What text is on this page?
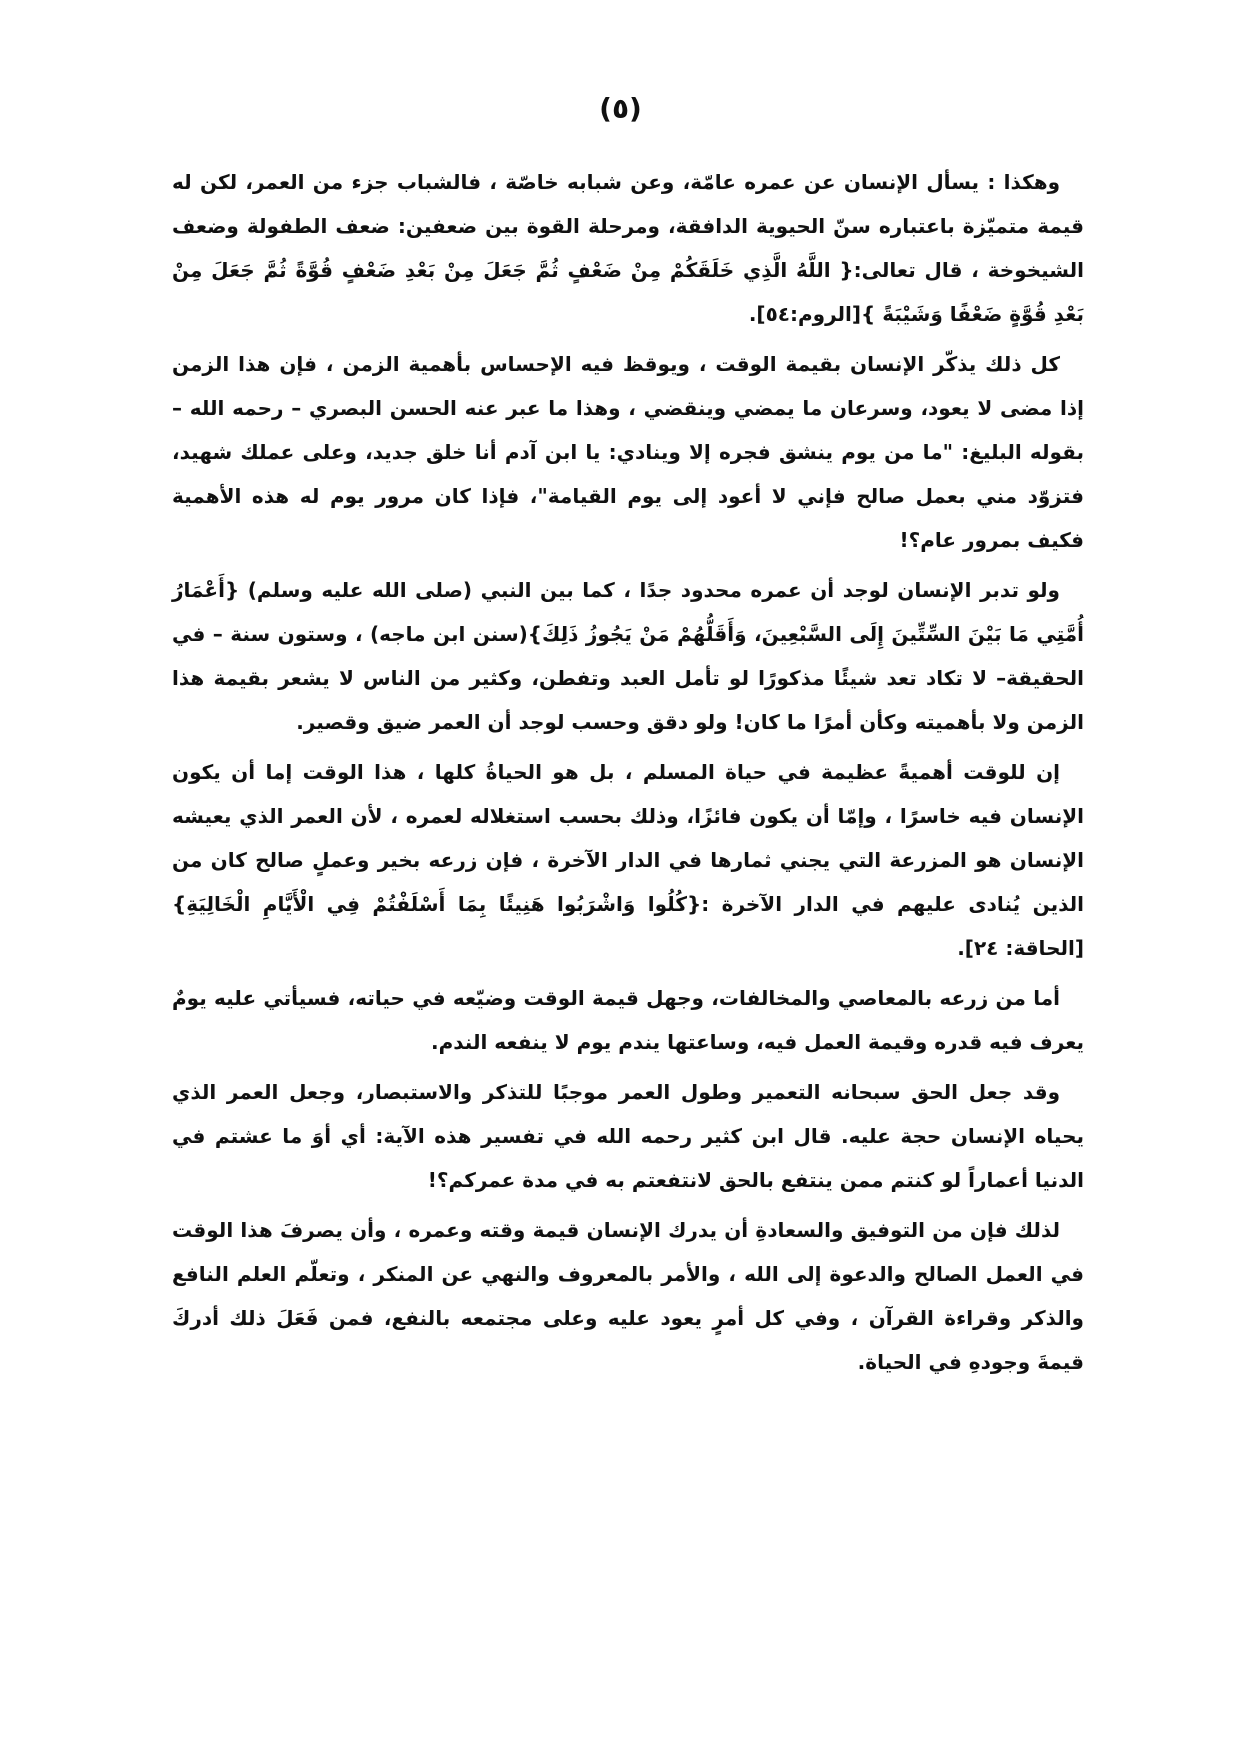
(٥)

وهكذا : يسأل الإنسان عن عمره عامّة، وعن شبابه خاصّة ، فالشباب جزء من العمر، لكن له قيمة متميّزة باعتباره سنّ الحيوية الدافقة، ومرحلة القوة بين ضعفين: ضعف الطفولة وضعف الشيخوخة ، قال تعالى:{ اللَّهُ الَّذِي خَلَقَكُمْ مِنْ ضَعْفٍ ثُمَّ جَعَلَ مِنْ بَعْدِ ضَعْفٍ قُوَّةً ثُمَّ جَعَلَ مِنْ بَعْدِ قُوَّةٍ ضَعْفًا وَشَيْبَةً }[الروم:٥٤].

كل ذلك يذكّر الإنسان بقيمة الوقت ، ويوقظ فيه الإحساس بأهمية الزمن ، فإن هذا الزمن إذا مضى لا يعود، وسرعان ما يمضي وينقضي ، وهذا ما عبر عنه الحسن البصري – رحمه الله – بقوله البليغ: "ما من يوم ينشق فجره إلا وينادي: يا ابن آدم أنا خلق جديد، وعلى عملك شهيد، فتزوّد مني بعمل صالح فإني لا أعود إلى يوم القيامة"، فإذا كان مرور يوم له هذه الأهمية فكيف بمرور عام؟!

ولو تدبر الإنسان لوجد أن عمره محدود جدًا ، كما بين النبي (صلى الله عليه وسلم) {أَعْمَارُ أُمَّتِي مَا بَيْنَ السِّتِّينَ إِلَى السَّبْعِينَ، وَأَقَلُّهُمْ مَنْ يَجُوزُ ذَلِكَ}(سنن ابن ماجه) ، وستون سنة – في الحقيقة– لا تكاد تعد شيئًا مذكورًا لو تأمل العبد وتفطن، وكثير من الناس لا يشعر بقيمة هذا الزمن ولا بأهميته وكأن أمرًا ما كان! ولو دقق وحسب لوجد أن العمر ضيق وقصير.

إن للوقت أهميةً عظيمة في حياة المسلم ، بل هو الحياةُ كلها ، هذا الوقت إما أن يكون الإنسان فيه خاسرًا ، وإمّا أن يكون فائزًا، وذلك بحسب استغلاله لعمره ، لأن العمر الذي يعيشه الإنسان هو المزرعة التي يجني ثمارها في الدار الآخرة ، فإن زرعه بخير وعملٍ صالح كان من الذين يُنادى عليهم في الدار الآخرة :{كُلُوا وَاشْرَبُوا هَنِيئًا بِمَا أَسْلَفْتُمْ فِي الْأَيَّامِ الْخَالِيَةِ} [الحاقة: ٢٤].

أما من زرعه بالمعاصي والمخالفات، وجهل قيمة الوقت وضيّعه في حياته، فسيأتي عليه يومٌ يعرف فيه قدره وقيمة العمل فيه، وساعتها يندم يوم لا ينفعه الندم.

وقد جعل الحق سبحانه التعمير وطول العمر موجبًا للتذكر والاستبصار، وجعل العمر الذي يحياه الإنسان حجة عليه. قال ابن كثير رحمه الله في تفسير هذه الآية: أي أوَ ما عشتم في الدنيا أعماراً لو كنتم ممن ينتفع بالحق لانتفعتم به في مدة عمركم؟!

لذلك فإن من التوفيق والسعادةِ أن يدرك الإنسان قيمة وقته وعمره ، وأن يصرفَ هذا الوقت في العمل الصالح والدعوة إلى الله ، والأمر بالمعروف والنهي عن المنكر ، وتعلّم العلم النافع والذكر وقراءة القرآن ، وفي كل أمرٍ يعود عليه وعلى مجتمعه بالنفع، فمن فَعَلَ ذلك أدركَ قيمةَ وجودهِ في الحياة.
